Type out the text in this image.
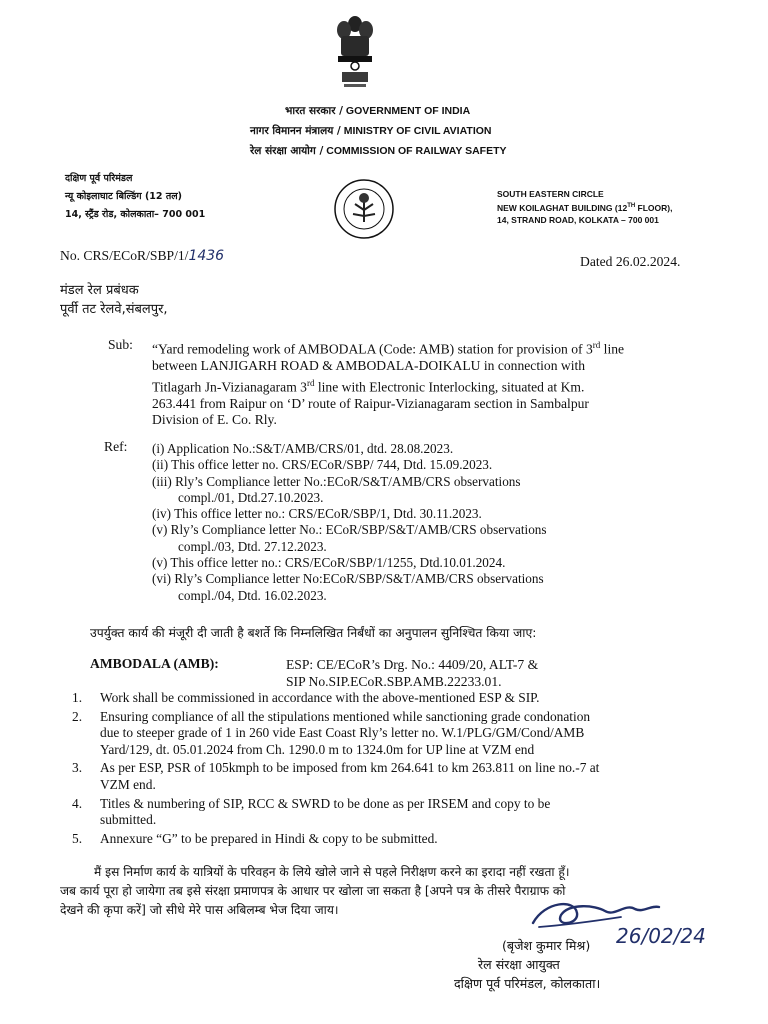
भारत सरकार / GOVERNMENT OF INDIA
नागर विमानन मंत्रालय / MINISTRY OF CIVIL AVIATION
रेल संरक्षा आयोग / COMMISSION OF RAILWAY SAFETY
दक्षिण पूर्व परिमंडल
न्यू कोइलाघाट बिल्डिंग (12 तल)
14, स्ट्रैंड रोड, कोलकाता– 700 001
SOUTH EASTERN CIRCLE
NEW KOILAGHAT BUILDING (12TH FLOOR),
14, STRAND ROAD, KOLKATA – 700 001
No. CRS/ECoR/SBP/1/1436	Dated 26.02.2024.
मंडल रेल प्रबंधक
पूर्वी तट रेलवे,संबलपुर,
Sub: “Yard remodeling work of AMBODALA (Code: AMB) station for provision of 3rd line
between LANJIGARH ROAD & AMBODALA-DOIKALU in connection with
Titlagarh Jn-Vizianagaram 3rd line with Electronic Interlocking, situated at Km.
263.441 from Raipur on ‘D’ route of Raipur-Vizianagaram section in Sambalpur
Division of E. Co. Rly.
Ref: (i) Application No.:S&T/AMB/CRS/01, dtd. 28.08.2023.
(ii) This office letter no. CRS/ECoR/SBP/ 744, Dtd. 15.09.2023.
(iii) Rly’s Compliance letter No.:ECoR/S&T/AMB/CRS observations
compl./01, Dtd.27.10.2023.
(iv) This office letter no.: CRS/ECoR/SBP/1, Dtd. 30.11.2023.
(v) Rly’s Compliance letter No.: ECoR/SBP/S&T/AMB/CRS observations
compl./03, Dtd. 27.12.2023.
(v) This office letter no.: CRS/ECoR/SBP/1/1255, Dtd.10.01.2024.
(vi) Rly’s Compliance letter No:ECoR/SBP/S&T/AMB/CRS observations
compl./04, Dtd. 16.02.2023.
उपर्युक्त कार्य की मंजूरी दी जाती है बशर्ते कि निम्नलिखित निर्बंधों का अनुपालन सुनिश्चित किया जाए:
AMBODALA (AMB):	ESP: CE/ECoR’s Drg. No.: 4409/20, ALT-7 &
SIP No.SIP.ECoR.SBP.AMB.22233.01.
1.	Work shall be commissioned in accordance with the above-mentioned ESP & SIP.
2.	Ensuring compliance of all the stipulations mentioned while sanctioning grade condonation
due to steeper grade of 1 in 260 vide East Coast Rly’s letter no. W.1/PLG/GM/Cond/AMB
Yard/129, dt. 05.01.2024 from Ch. 1290.0 m to 1324.0m for UP line at VZM end
3.	As per ESP, PSR of 105kmph to be imposed from km 264.641 to km 263.811 on line no.-7 at
VZM end.
4.	Titles & numbering of SIP, RCC & SWRD to be done as per IRSEM and copy to be
submitted.
5.	Annexure “G” to be prepared in Hindi & copy to be submitted.
मैं इस निर्माण कार्य के यात्रियों के परिवहन के लिये खोले जाने से पहले निरीक्षण करने का इरादा नहीं रखता हूँ।
जब कार्य पूरा हो जायेगा तब इसे संरक्षा प्रमाणपत्र के आधार पर खोला जा सकता है [अपने पत्र के तीसरे पैराग्राफ को
देखने की कृपा करें] जो सीधे मेरे पास अबिलम्ब भेज दिया जाय।
26/02/24
(बृजेश कुमार मिश्र)
रेल संरक्षा आयुक्त
दक्षिण पूर्व परिमंडल, कोलकाता।
